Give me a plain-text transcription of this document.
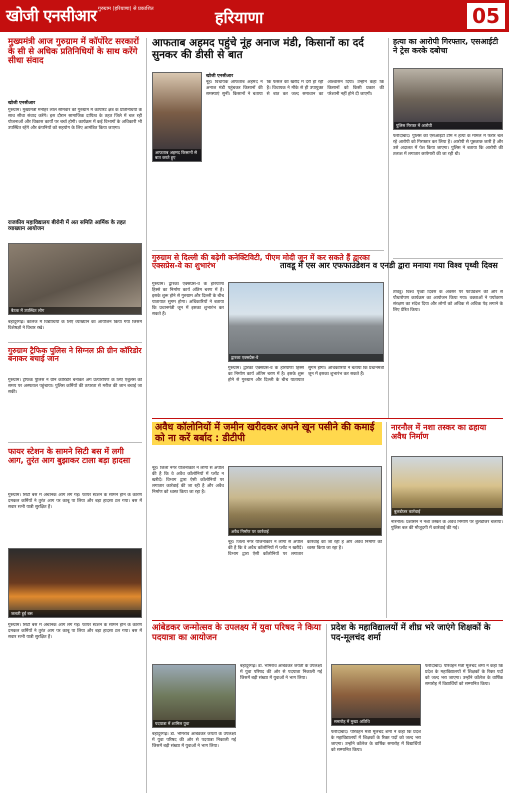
खोजी एनसीआर गुरुग्राम (हरियाणा) से प्रकाशित	हरियाणा	05
मुख्यमंत्री आज गुरुग्राम में कॉर्पोरेट सरकारों के सी से अधिक प्रतिनिधियों के साथ करेंगे सीधा संवाद
खोजी एनसीआर
गुरुग्राम। मुख्यमंत्री मनोहर लाल सोमवार को गुरुग्राम में कॉर्पोरेट क्षेत्र के प्रतिनिधियों के साथ सीधा संवाद करेंगे। इस दौरान सामाजिक दायित्व के तहत जिले में चल रही योजनाओं और विकास कार्यों पर चर्चा होगी। कार्यक्रम में कई विभागों के अधिकारी भी उपस्थित रहेंगे और कंपनियों को सहयोग के लिए आमंत्रित किया जाएगा।
राजकीय महाविद्यालय बीरोनी में अत समिति आर्मिक के तहत व्याख्यान आयोजन
बैठक में उपस्थित लोग
बहादुरगढ़। कॉलेज में विद्यार्थियों के लिए व्याख्यान का आयोजन किया गया जिसमें विशेषज्ञों ने विचार रखे।
गुरुग्राम ट्रैफिक पुलिस ने सिग्नल फ्री ग्रीन कॉरिडोर बनाकर बचाई जान
गुरुग्राम। ट्रैफिक पुलिस ने ग्रीन कॉरिडोर बनाकर अंग प्रत्यारोपण के लिए एंबुलेंस को समय पर अस्पताल पहुंचाया। पुलिस कर्मियों की तत्परता से मरीज की जान बचाई जा सकी।
फायर स्टेशन के सामने सिटी बस में लगी आग, तुरंत आग बुझाकर टाला बड़ा हादसा
गुरुग्राम। सिटी बस में अचानक आग लग गई। फायर स्टेशन के सामने होने के कारण दमकल कर्मियों ने तुरंत आग पर काबू पा लिया और बड़ा हादसा टल गया। बस में सवार सभी यात्री सुरक्षित हैं।
जलती हुई बस
गुरुग्राम। सिटी बस में अचानक आग लग गई। फायर स्टेशन के सामने होने के कारण दमकल कर्मियों ने तुरंत आग पर काबू पा लिया और बड़ा हादसा टल गया। बस में सवार सभी यात्री सुरक्षित हैं।
आफताब अहमद पहुंचे नूंह अनाज मंडी, किसानों का दर्द सुनकर की डीसी से बात
आफताब अहमद किसानों से बात करते हुए
खोजी एनसीआर
नूंह। विधायक आफताब अहमद ने अनाज मंडी पहुंचकर किसानों की समस्याएं सुनीं। किसानों ने बताया कि फसल की खरीद में देरी हो रही है। विधायक ने मौके से ही उपायुक्त से बात कर जल्द समाधान का आश्वासन दिया। उन्होंने कहा कि किसानों को किसी प्रकार की परेशानी नहीं होने दी जाएगी।
गुरुग्राम से दिल्ली की बढ़ेगी कनेक्टिविटी, पीएम मोदी जून में कर सकते हैं द्वारका एक्सप्रेस-वे का शुभारंभ
गुरुग्राम। द्वारका एक्सप्रेस-वे के हरियाणा हिस्से का निर्माण कार्य अंतिम चरण में है। इसके शुरू होने से गुरुग्राम और दिल्ली के बीच यातायात सुगम होगा। अधिकारियों ने बताया कि प्रधानमंत्री जून में इसका शुभारंभ कर सकते हैं।
द्वारका एक्सप्रेस-वे
गुरुग्राम। द्वारका एक्सप्रेस-वे के हरियाणा हिस्से का निर्माण कार्य अंतिम चरण में है। इसके शुरू होने से गुरुग्राम और दिल्ली के बीच यातायात सुगम होगा। अधिकारियों ने बताया कि प्रधानमंत्री जून में इसका शुभारंभ कर सकते हैं।
हत्या का आरोपी गिरफ्तार, एसआईटी ने ट्रेस करके दबोचा
पुलिस गिरफ्त में आरोपी
फरीदाबाद। पुलिस की एसआईटी टीम ने हत्या के मामले में फरार चल रहे आरोपी को गिरफ्तार कर लिया है। आरोपी से पूछताछ जारी है और उसे अदालत में पेश किया जाएगा। पुलिस ने बताया कि आरोपी की तलाश में लगातार छापेमारी की जा रही थी।
तावडू में एस आर एफफाउंडेशन व एनडी द्वारा मनाया गया विश्व पृथ्वी दिवस
तावडू। विश्व पृथ्वी दिवस के अवसर पर फाउंडेशन की ओर से पौधारोपण कार्यक्रम का आयोजन किया गया। वक्ताओं ने पर्यावरण संरक्षण का संदेश दिया और लोगों को अधिक से अधिक पेड़ लगाने के लिए प्रेरित किया।
अवैध कॉलोनियों में जमीन खरीदकर अपने खून पसीने की कमाई को ना करें बर्बाद : डीटीपी
नूंह। जिला नगर योजनाकार ने लोगों से अपील की है कि वे अवैध कॉलोनियों में प्लॉट न खरीदें। विभाग द्वारा ऐसी कॉलोनियों पर लगातार कार्रवाई की जा रही है और अवैध निर्माण को ध्वस्त किया जा रहा है।
अवैध निर्माण पर कार्रवाई
नूंह। जिला नगर योजनाकार ने लोगों से अपील की है कि वे अवैध कॉलोनियों में प्लॉट न खरीदें। विभाग द्वारा ऐसी कॉलोनियों पर लगातार कार्रवाई की जा रही है और अवैध निर्माण को ध्वस्त किया जा रहा है।
नारनौल में नशा तस्कर का ढहाया अवैध निर्माण
बुलडोजर कार्रवाई
नारनौल। प्रशासन ने नशा तस्कर के अवैध निर्माण पर बुलडोजर चलाया। पुलिस बल की मौजूदगी में कार्रवाई की गई।
आंबेडकर जन्मोत्सव के उपलक्ष्य में युवा परिषद ने किया पदयात्रा का आयोजन
पदयात्रा में शामिल युवा
बहादुरगढ़। डॉ. भीमराव आंबेडकर जयंती के उपलक्ष्य में युवा परिषद की ओर से पदयात्रा निकाली गई जिसमें बड़ी संख्या में युवाओं ने भाग लिया।
बहादुरगढ़। डॉ. भीमराव आंबेडकर जयंती के उपलक्ष्य में युवा परिषद की ओर से पदयात्रा निकाली गई जिसमें बड़ी संख्या में युवाओं ने भाग लिया।
प्रदेश के महाविद्यालयों में शीघ्र भरे जाएंगे शिक्षकों के पद-मूलचंद शर्मा
समारोह में मुख्य अतिथि
फरीदाबाद। परिवहन मंत्री मूलचंद शर्मा ने कहा कि प्रदेश के महाविद्यालयों में शिक्षकों के रिक्त पदों को जल्द भरा जाएगा। उन्होंने कॉलेज के वार्षिक समारोह में विद्यार्थियों को सम्मानित किया।
फरीदाबाद। परिवहन मंत्री मूलचंद शर्मा ने कहा कि प्रदेश के महाविद्यालयों में शिक्षकों के रिक्त पदों को जल्द भरा जाएगा। उन्होंने कॉलेज के वार्षिक समारोह में विद्यार्थियों को सम्मानित किया।
